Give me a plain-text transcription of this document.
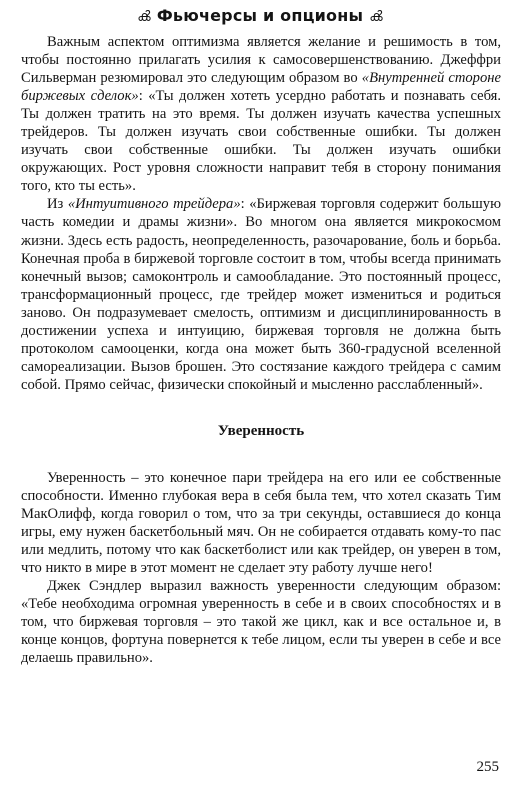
ൿ Фьючерсы и опционы ൿ

Важным аспектом оптимизма является желание и решимость в том, чтобы постоянно прилагать усилия к самосовершенствованию. Джеффри Сильверман резюмировал это следующим образом во «Внутренней стороне биржевых сделок»: «Ты должен хотеть усердно работать и познавать себя. Ты должен тратить на это время. Ты должен изучать качества успешных трейдеров. Ты должен изучать свои собственные ошибки. Ты должен изучать свои собственные ошибки. Ты должен изучать ошибки окружающих. Рост уровня сложности направит тебя в сторону понимания того, кто ты есть».

Из «Интуитивного трейдера»: «Биржевая торговля содержит большую часть комедии и драмы жизни». Во многом она является микрокосмом жизни. Здесь есть радость, неопределенность, разочарование, боль и борьба. Конечная проба в биржевой торговле состоит в том, чтобы всегда принимать конечный вызов; самоконтроль и самообладание. Это постоянный процесс, трансформационный процесс, где трейдер может измениться и родиться заново. Он подразумевает смелость, оптимизм и дисциплинированность в достижении успеха и интуицию, биржевая торговля не должна быть протоколом самооценки, когда она может быть 360-градусной вселенной самореализации. Вызов брошен. Это состязание каждого трейдера с самим собой. Прямо сейчас, физически спокойный и мысленно расслабленный».

Уверенность

Уверенность – это конечное пари трейдера на его или ее собственные способности. Именно глубокая вера в себя была тем, что хотел сказать Тим МакОлифф, когда говорил о том, что за три секунды, оставшиеся до конца игры, ему нужен баскетбольный мяч. Он не собирается отдавать кому-то пас или медлить, потому что как баскетболист или как трейдер, он уверен в том, что никто в мире в этот момент не сделает эту работу лучше него!

Джек Сэндлер выразил важность уверенности следующим образом: «Тебе необходима огромная уверенность в себе и в своих способностях и в том, что биржевая торговля – это такой же цикл, как и все остальное и, в конце концов, фортуна повернется к тебе лицом, если ты уверен в себе и все делаешь правильно».

255
